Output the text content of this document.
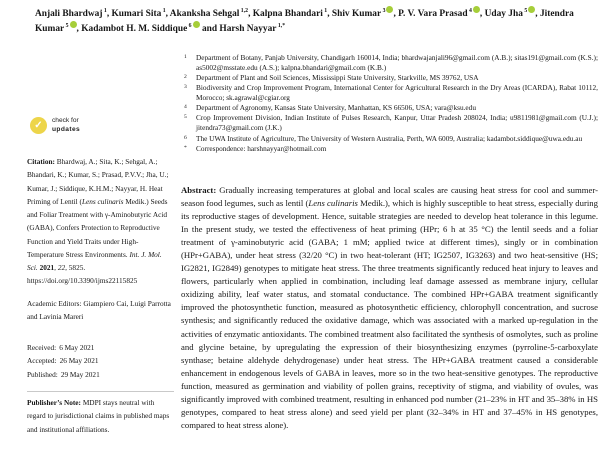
Anjali Bhardwaj $^1$, Kumari Sita $^1$, Akanksha Sehgal $^{1,2}$, Kalpna Bhandari $^1$, Shiv Kumar $^3$ , P. V. Vara Prasad $^4$ , Uday Jha $^5$ , Jitendra Kumar $^5$ , Kadambot H. M. Siddique $^6$ and Harsh Nayyar $^{1,*}$
1	Department of Botany, Panjab University, Chandigarh 160014, India; bhardwajanjali96@gmail.com (A.B.); sitas191@gmail.com (K.S.); as5002@msstate.edu (A.S.); kalpna.bhandari@gmail.com (K.B.)
2	Department of Plant and Soil Sciences, Mississippi State University, Starkville, MS 39762, USA
3	Biodiversity and Crop Improvement Program, International Center for Agricultural Research in the Dry Areas (ICARDA), Rabat 10112, Morocco; sk.agrawal@cgiar.org
4	Department of Agronomy, Kansas State University, Manhattan, KS 66506, USA; vara@ksu.edu
5	Crop Improvement Division, Indian Institute of Pulses Research, Kanpur, Uttar Pradesh 208024, India; u9811981@gmail.com (U.J.); jitendra73@gmail.com (J.K.)
6	The UWA Institute of Agriculture, The University of Western Australia, Perth, WA 6009, Australia; kadambot.siddique@uwa.edu.au
*	Correspondence: harshnayyar@hotmail.com
✓	check for
updates
Citation: Bhardwaj, A.; Sita, K.; Sehgal, A.; Bhandari, K.; Kumar, S.; Prasad, P.V.V.; Jha, U.; Kumar, J.; Siddique, K.H.M.; Nayyar, H. Heat Priming of Lentil (Lens culinaris Medik.) Seeds and Foliar Treatment with γ-Aminobutyric Acid (GABA), Confers Protection to Reproductive Function and Yield Traits under High-Temperature Stress Environments. Int. J. Mol. Sci. 2021, 22, 5825. https://doi.org/10.3390/ijms22115825
Academic Editors: Giampiero Cai, Luigi Parrotta and Lavinia Mareri
Received: 6 May 2021
Accepted: 26 May 2021
Published: 29 May 2021
Publisher’s Note: MDPI stays neutral with regard to jurisdictional claims in published maps and institutional affiliations.
Abstract: Gradually increasing temperatures at global and local scales are causing heat stress for cool and summer-season food legumes, such as lentil (Lens culinaris Medik.), which is highly susceptible to heat stress, especially during its reproductive stages of development. Hence, suitable strategies are needed to develop heat tolerance in this legume. In the present study, we tested the effectiveness of heat priming (HPr; 6 h at 35 °C) the lentil seeds and a foliar treatment of γ-aminobutyric acid (GABA; 1 mM; applied twice at different times), singly or in combination (HPr+GABA), under heat stress (32/20 °C) in two heat-tolerant (HT; IG2507, IG3263) and two heat-sensitive (HS; IG2821, IG2849) genotypes to mitigate heat stress. The three treatments significantly reduced heat injury to leaves and flowers, particularly when applied in combination, including leaf damage assessed as membrane injury, cellular oxidizing ability, leaf water status, and stomatal conductance. The combined HPr+GABA treatment significantly improved the photosynthetic function, measured as photosynthetic efficiency, chlorophyll concentration, and sucrose synthesis; and significantly reduced the oxidative damage, which was associated with a marked up-regulation in the activities of enzymatic antioxidants. The combined treatment also facilitated the synthesis of osmolytes, such as proline and glycine betaine, by upregulating the expression of their biosynthesizing enzymes (pyrroline-5-carboxylate synthase; betaine aldehyde dehydrogenase) under heat stress. The HPr+GABA treatment caused a considerable enhancement in endogenous levels of GABA in leaves, more so in the two heat-sensitive genotypes. The reproductive function, measured as germination and viability of pollen grains, receptivity of stigma, and viability of ovules, was significantly improved with combined treatment, resulting in enhanced pod number (21–23% in HT and 35–38% in HS genotypes, compared to heat stress alone) and seed yield per plant (32–34% in HT and 37–45% in HS genotypes, compared to heat stress alone).
